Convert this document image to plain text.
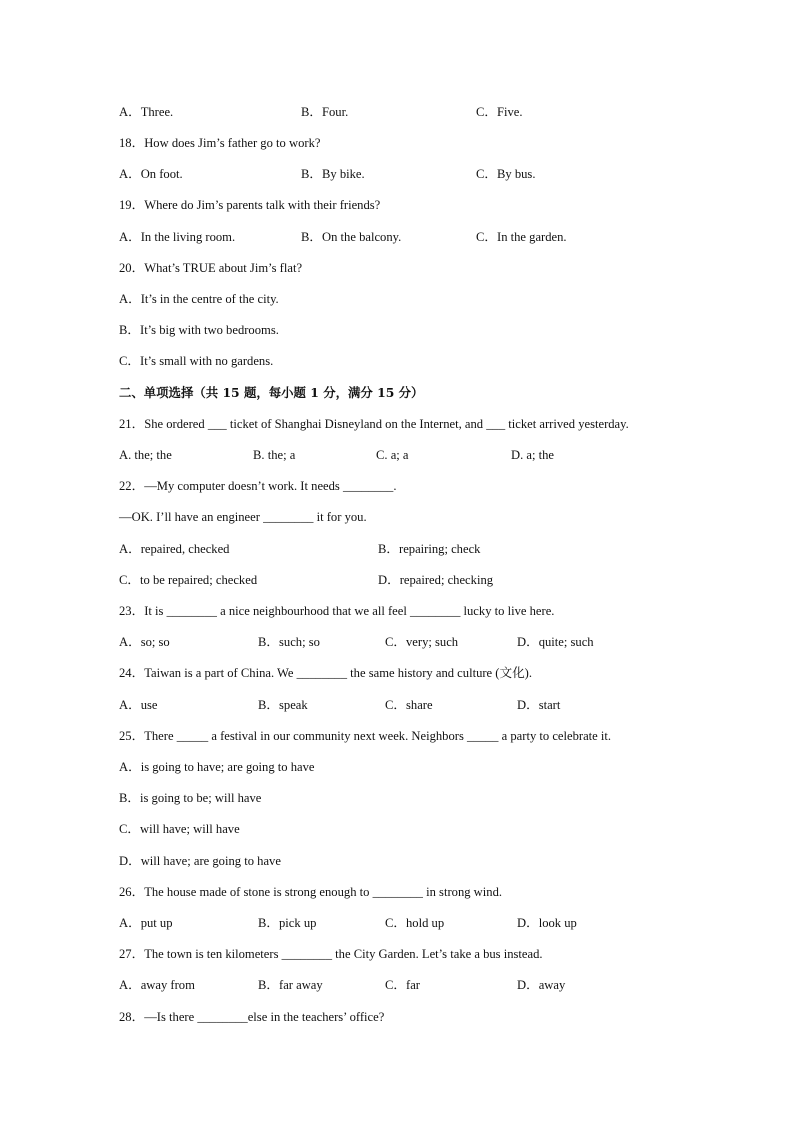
A．Three.	B．Four.	C．Five.
18．How does Jim’s father go to work?
A．On foot.	B．By bike.	C．By bus.
19．Where do Jim’s parents talk with their friends?
A．In the living room.	B．On the balcony.	C．In the garden.
20．What’s TRUE about Jim’s flat?
A．It’s in the centre of the city.
B．It’s big with two bedrooms.
C．It’s small with no gardens.
二、单项选择（共 15 题，每小题 1 分，满分 15 分）
21．She ordered ___ ticket of Shanghai Disneyland on the Internet, and ___ ticket arrived yesterday.
A. the; the	B. the; a	C. a; a	D. a; the
22．—My computer doesn’t work. It needs ________.
—OK. I’ll have an engineer ________ it for you.
A．repaired, checked	B．repairing; check
C．to be repaired; checked	D．repaired; checking
23．It is ________ a nice neighbourhood that we all feel ________ lucky to live here.
A．so; so	B．such; so	C．very; such	D．quite; such
24．Taiwan is a part of China. We ________ the same history and culture (文化).
A．use	B．speak	C．share	D．start
25．There _____ a festival in our community next week. Neighbors _____ a party to celebrate it.
A．is going to have; are going to have
B．is going to be; will have
C．will have; will have
D．will have; are going to have
26．The house made of stone is strong enough to ________ in strong wind.
A．put up	B．pick up	C．hold up	D．look up
27．The town is ten kilometers ________ the City Garden. Let’s take a bus instead.
A．away from	B．far away	C．far	D．away
28．—Is there ________else in the teachers’ office?
